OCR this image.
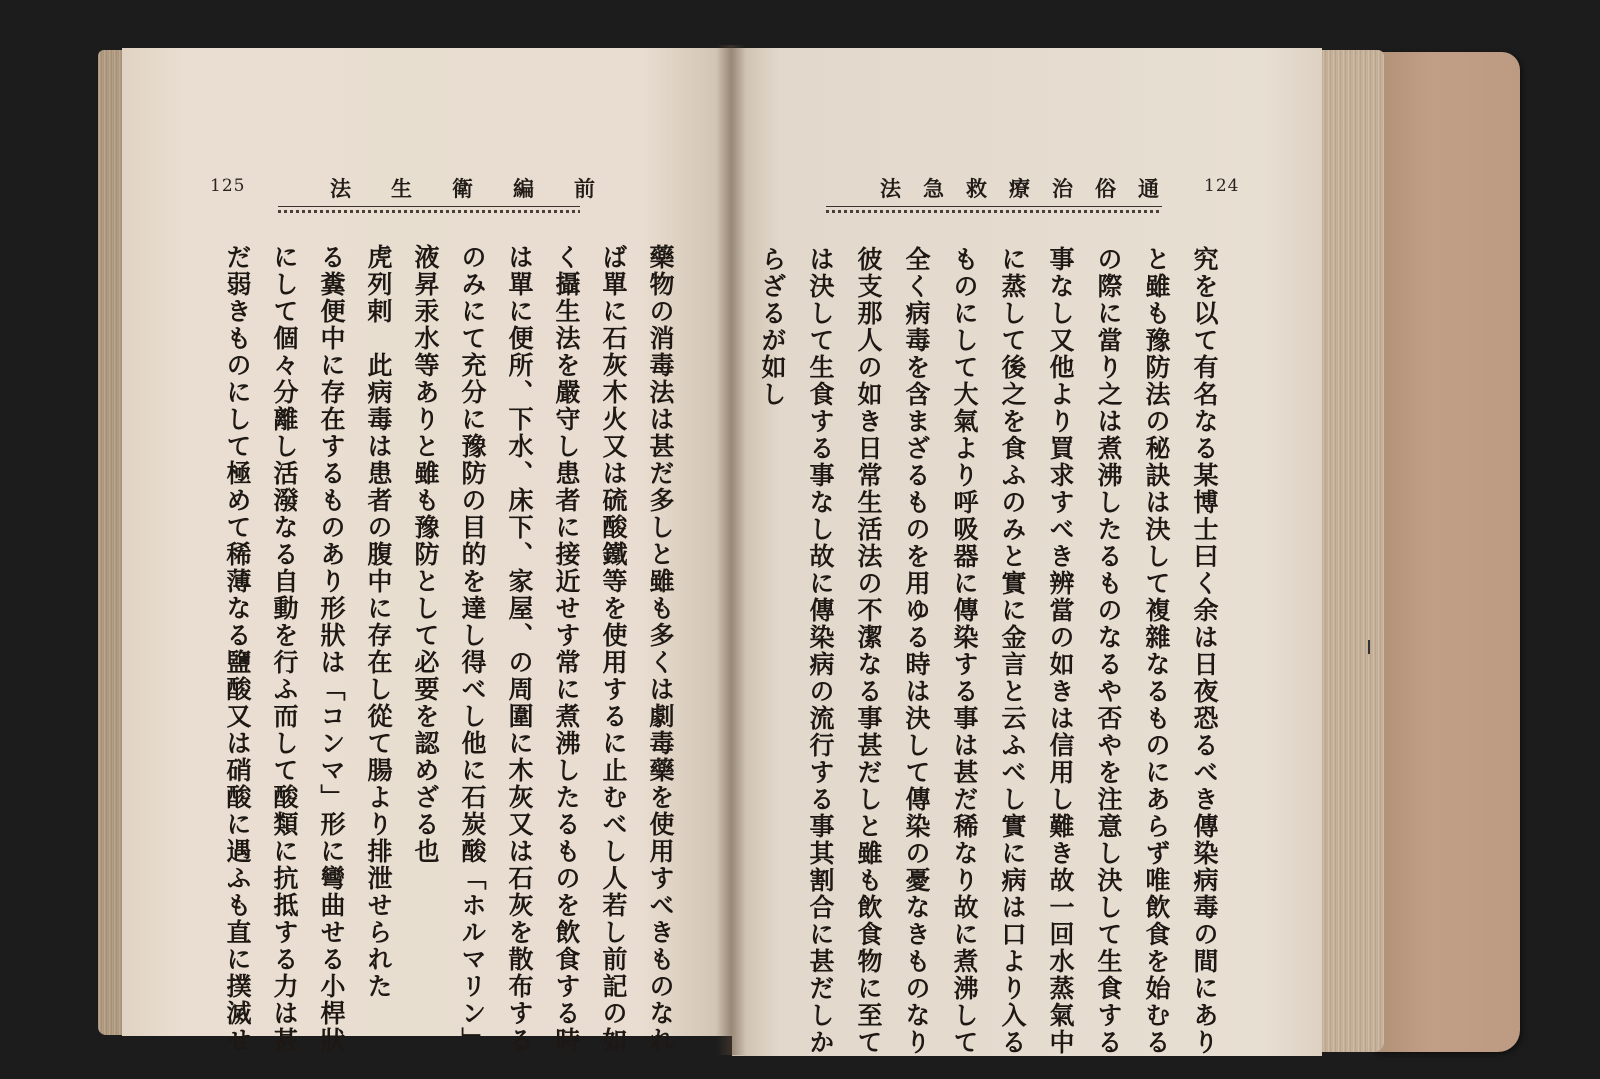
125	法生衛編前	法急救療治俗通 124
藥物の消毒法は甚だ多しと雖も多くは劇毒藥を使用すべきものなれ
ば單に石灰木火又は硫酸鐵等を使用するに止むべし人若し前記の如
く攝生法を嚴守し患者に接近せす常に煮沸したるものを飲食する時
は單に便所、下水、床下、家屋、の周圍に木灰又は石灰を散布する
のみにて充分に豫防の目的を達し得べし他に石炭酸「ホルマリン」
液昇汞水等ありと雖も豫防として必要を認めざる也
虎列剌　此病毒は患者の腹中に存在し從て腸より排泄せられた
る糞便中に存在するものあり形狀は「コンマ」形に彎曲せる小桿狀
にして個々分離し活潑なる自動を行ふ而して酸類に抗抵する力は甚
だ弱きものにして極めて稀薄なる鹽酸又は硝酸に遇ふも直に撲滅せ	究を以て有名なる某博士曰く余は日夜恐るべき傳染病毒の間にあり
と雖も豫防法の秘訣は決して複雜なるものにあらず唯飲食を始むる
の際に當り之は煮沸したるものなるや否やを注意し決して生食する
事なし又他より買求すべき辨當の如きは信用し難き故一回水蒸氣中
に蒸して後之を食ふのみと實に金言と云ふべし實に病は口より入る
ものにして大氣より呼吸器に傳染する事は甚だ稀なり故に煮沸して
全く病毒を含まざるものを用ゆる時は決して傳染の憂なきものなり
彼支那人の如き日常生活法の不潔なる事甚だしと雖も飲食物に至て
は決して生食する事なし故に傳染病の流行する事其割合に甚だしか
らざるが如し
